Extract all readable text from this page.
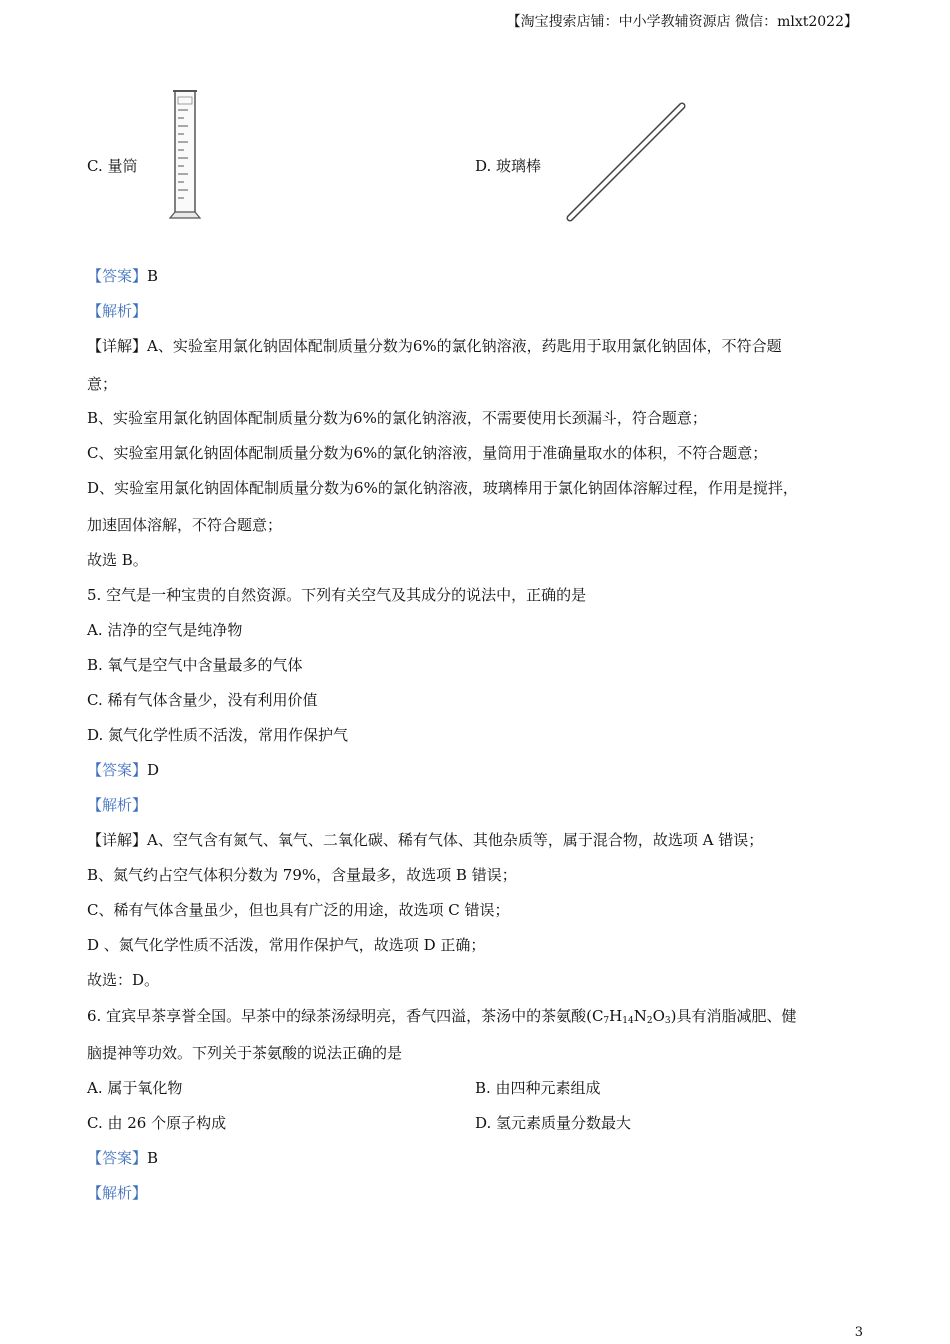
【淘宝搜索店铺：中小学教辅资源店 微信：mlxt2022】
C. 量筒	D. 玻璃棒
【答案】B
【解析】
【详解】A、实验室用氯化钠固体配制质量分数为6%的氯化钠溶液，药匙用于取用氯化钠固体，不符合题
意；
B、实验室用氯化钠固体配制质量分数为6%的氯化钠溶液，不需要使用长颈漏斗，符合题意；
C、实验室用氯化钠固体配制质量分数为6%的氯化钠溶液，量筒用于准确量取水的体积，不符合题意；
D、实验室用氯化钠固体配制质量分数为6%的氯化钠溶液，玻璃棒用于氯化钠固体溶解过程，作用是搅拌，
加速固体溶解，不符合题意；
故选 B。
5. 空气是一种宝贵的自然资源。下列有关空气及其成分的说法中，正确的是
A. 洁净的空气是纯净物
B. 氧气是空气中含量最多的气体
C. 稀有气体含量少，没有利用价值
D. 氮气化学性质不活泼，常用作保护气
【答案】D
【解析】
【详解】A、空气含有氮气、氧气、二氧化碳、稀有气体、其他杂质等，属于混合物，故选项 A 错误；
B、氮气约占空气体积分数为 79%，含量最多，故选项 B 错误；
C、稀有气体含量虽少，但也具有广泛的用途，故选项 C 错误；
D 、氮气化学性质不活泼，常用作保护气，故选项 D 正确；
故选：D。
6. 宜宾早茶享誉全国。早茶中的绿茶汤绿明亮，香气四溢，茶汤中的茶氨酸$(C_7H_{14}N_2O_3)$具有消脂减肥、健
脑提神等功效。下列关于茶氨酸的说法正确的是
A. 属于氧化物	B. 由四种元素组成
C. 由 26 个原子构成	D. 氢元素质量分数最大
【答案】B
【解析】
3
